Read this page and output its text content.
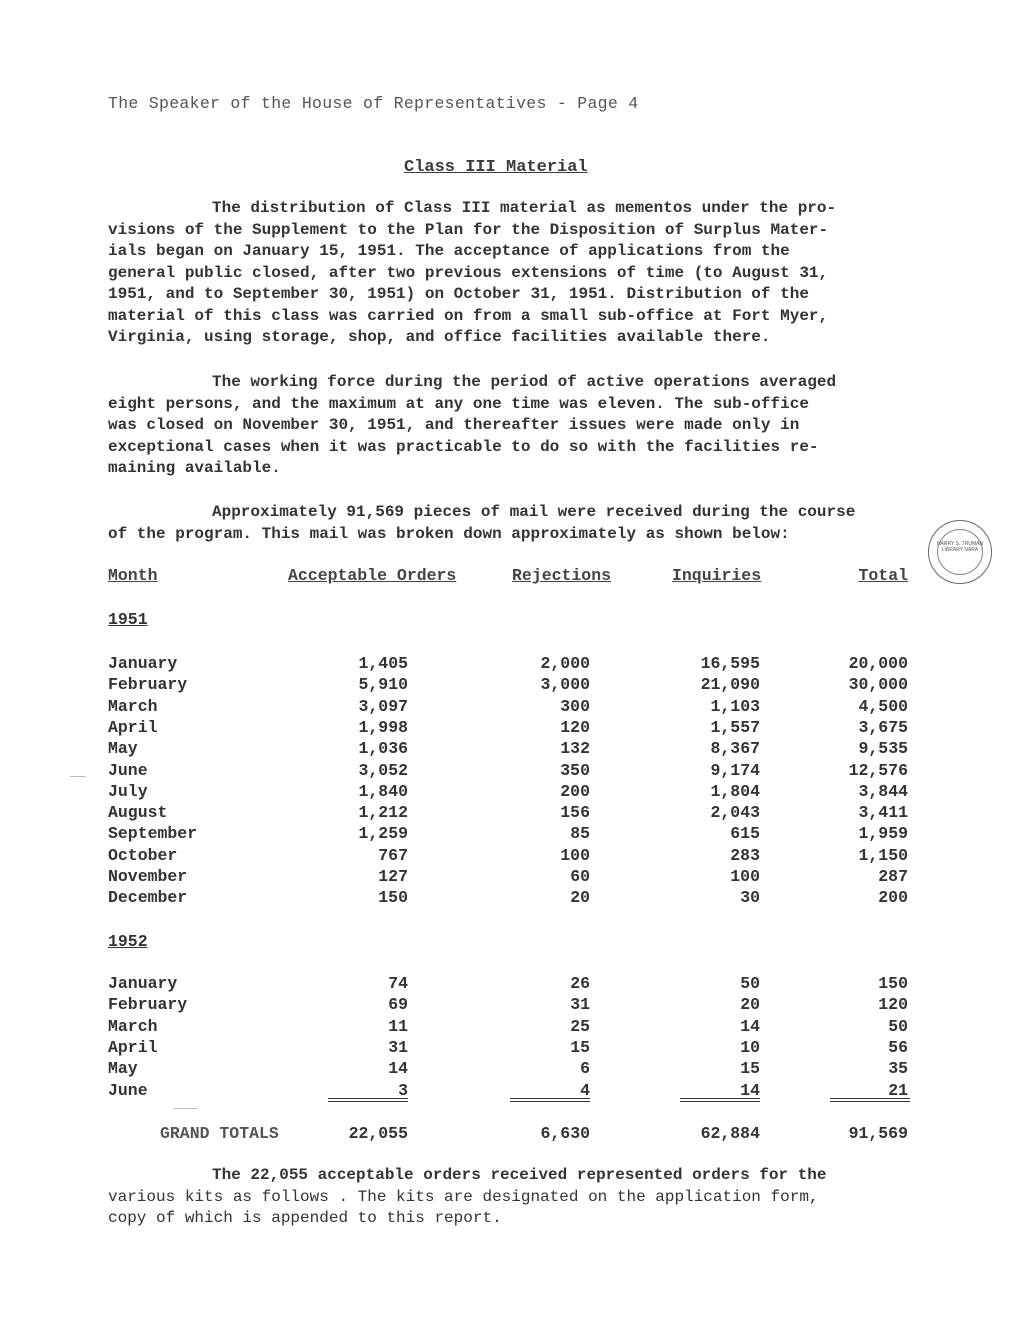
The Speaker of the House of Representatives - Page 4
Class III Material
The distribution of Class III material as mementos under the pro-
visions of the Supplement to the Plan for the Disposition of Surplus Mater-
ials began on January 15, 1951. The acceptance of applications from the
general public closed, after two previous extensions of time (to August 31,
1951, and to September 30, 1951) on October 31, 1951. Distribution of the
material of this class was carried on from a small sub-office at Fort Myer,
Virginia, using storage, shop, and office facilities available there.
The working force during the period of active operations averaged
eight persons, and the maximum at any one time was eleven. The sub-office
was closed on November 30, 1951, and thereafter issues were made only in
exceptional cases when it was practicable to do so with the facilities re-
maining available.
Approximately 91,569 pieces of mail were received during the course
of the program. This mail was broken down approximately as shown below:
HARRY S. TRUMAN LIBRARY NARA
Month	Acceptable Orders	Rejections	Inquiries	Total
1951
January	1,405	2,000	16,595	20,000
February	5,910	3,000	21,090	30,000
March	3,097	300	1,103	4,500
April	1,998	120	1,557	3,675
May	1,036	132	8,367	9,535
June	3,052	350	9,174	12,576
July	1,840	200	1,804	3,844
August	1,212	156	2,043	3,411
September	1,259	85	615	1,959
October	767	100	283	1,150
November	127	60	100	287
December	150	20	30	200
1952
January	74	26	50	150
February	69	31	20	120
March	11	25	14	50
April	31	15	10	56
May	14	6	15	35
June	3	4	14	21
GRAND TOTALS	22,055	6,630	62,884	91,569
The 22,055 acceptable orders received represented orders for the
various kits as follows . The kits are designated on the application form,
copy of which is appended to this report.
